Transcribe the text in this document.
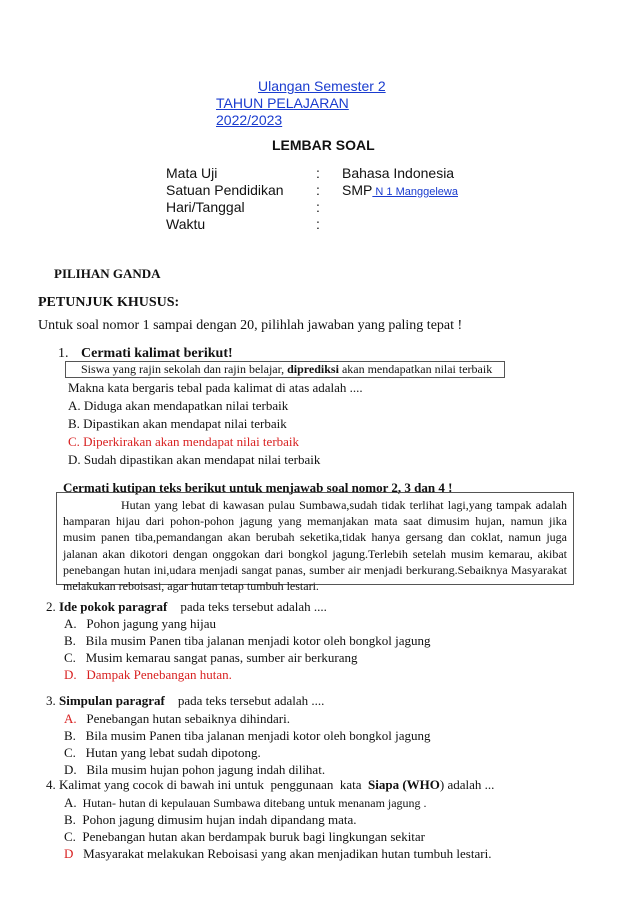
Ulangan Semester 2
TAHUN PELAJARAN
2022/2023
LEMBAR SOAL
Mata Uji	: Bahasa Indonesia
Satuan Pendidikan : SMP N 1 Manggelewa
Hari/Tanggal	:
Waktu	:
PILIHAN GANDA
PETUNJUK KHUSUS:
Untuk soal nomor 1 sampai dengan 20, pilihlah jawaban yang paling tepat !
1. Cermati kalimat berikut!
Siswa yang rajin sekolah dan rajin belajar, diprediksi akan mendapatkan nilai terbaik
Makna kata bergaris tebal pada kalimat di atas adalah ....
A. Diduga akan mendapatkan nilai terbaik
B. Dipastikan akan mendapat nilai terbaik
C. Diperkirakan akan mendapat nilai terbaik
D. Sudah dipastikan akan mendapat nilai terbaik
Cermati kutipan teks berikut untuk menjawab soal nomor 2, 3 dan 4 !
Hutan yang lebat di kawasan pulau Sumbawa,sudah tidak terlihat lagi,yang tampak adalah hamparan hijau dari pohon-pohon jagung yang memanjakan mata saat dimusim hujan, namun jika musim panen tiba,pemandangan akan berubah seketika,tidak hanya gersang dan coklat, namun juga jalanan akan dikotori dengan onggokan dari bongkol jagung.Terlebih setelah musim kemarau, akibat penebangan hutan ini,udara menjadi sangat panas, sumber air menjadi berkurang.Sebaiknya Masyarakat melakukan reboisasi, agar hutan tetap tumbuh lestari.
2. Ide pokok paragraf    pada teks tersebut adalah ....
A. Pohon jagung yang hijau
B. Bila musim Panen tiba jalanan menjadi kotor oleh bongkol jagung
C. Musim kemarau sangat panas, sumber air berkurang
D. Dampak Penebangan hutan.
3. Simpulan paragraf    pada teks tersebut adalah ....
A. Penebangan hutan sebaiknya dihindari.
B. Bila musim Panen tiba jalanan menjadi kotor oleh bongkol jagung
C. Hutan yang lebat sudah dipotong.
D. Bila musim hujan pohon jagung indah dilihat.
4. Kalimat yang cocok di bawah ini untuk  penggunaan  kata  Siapa (WHO) adalah ...
A. Hutan- hutan di kepulauan Sumbawa ditebang untuk menanam jagung .
B. Pohon jagung dimusim hujan indah dipandang mata.
C. Penebangan hutan akan berdampak buruk bagi lingkungan sekitar
D Masyarakat melakukan Reboisasi yang akan menjadikan hutan tumbuh lestari.
